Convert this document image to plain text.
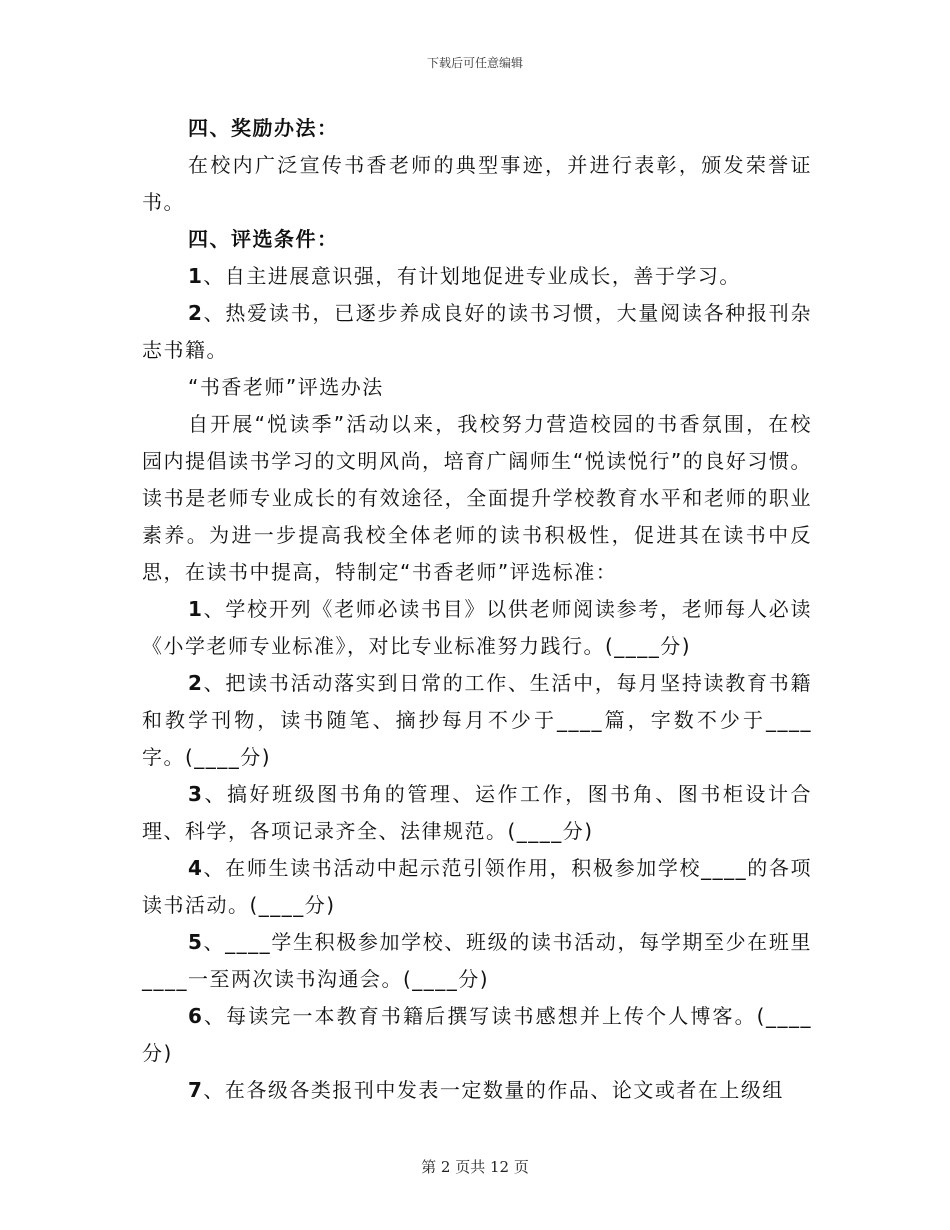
下载后可任意编辑

四、奖励办法：

在校内广泛宣传书香老师的典型事迹，并进行表彰，颁发荣誉证书。

四、评选条件：

1、自主进展意识强，有计划地促进专业成长，善于学习。

2、热爱读书，已逐步养成良好的读书习惯，大量阅读各种报刊杂志书籍。

“书香老师”评选办法

自开展“悦读季”活动以来，我校努力营造校园的书香氛围，在校园内提倡读书学习的文明风尚，培育广阔师生“悦读悦行”的良好习惯。读书是老师专业成长的有效途径，全面提升学校教育水平和老师的职业素养。为进一步提高我校全体老师的读书积极性，促进其在读书中反思，在读书中提高，特制定“书香老师”评选标准：

1、学校开列《老师必读书目》以供老师阅读参考，老师每人必读《小学老师专业标准》，对比专业标准努力践行。(____分)

2、把读书活动落实到日常的工作、生活中，每月坚持读教育书籍和教学刊物，读书随笔、摘抄每月不少于____篇，字数不少于____字。(____分)

3、搞好班级图书角的管理、运作工作，图书角、图书柜设计合理、科学，各项记录齐全、法律规范。(____分)

4、在师生读书活动中起示范引领作用，积极参加学校____的各项读书活动。(____分)

5、____学生积极参加学校、班级的读书活动，每学期至少在班里____一至两次读书沟通会。(____分)

6、每读完一本教育书籍后撰写读书感想并上传个人博客。(____分)

7、在各级各类报刊中发表一定数量的作品、论文或者在上级组

第 2 页共 12 页
